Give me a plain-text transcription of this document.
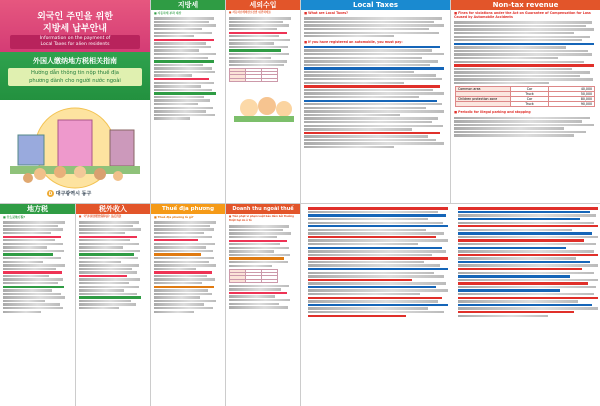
외국인 주민을 위한
지방세 납부안내
Information on the payment of
Local Taxes for alien residents
外国人缴纳地方税相关指南
Hướng dẫn thông tin nộp thuế địa
phương dành cho người nước ngoài
D 대구광역시 동구
지방세
■ 자동차세 부과 대상
세외수입
■ 자동차손해배상보장법 위반과태료

Local Taxes
■ What are Local Taxes?
■ If you have registered an automobile, you must pay:
Non-tax revenue
■ Fines for violations under the Act on Guarantee of Compensation for Loss Caused by Automobile Accidents
Common area	Car	40,000
	Truck	50,000
Children protection zone	Car	80,000
	Truck	90,000
■ Periodic for illegal parking and stopping
地方税
■ 什么是地方税?
税外收入
■ 《汽车损害赔偿保障法》违反罚款
Thuế địa phương
■ Thuế địa phương là gì?
Doanh thu ngoài thuế
■ Tiền phạt vi phạm Luật bảo đảm bồi thường thiệt hại do ô tô
